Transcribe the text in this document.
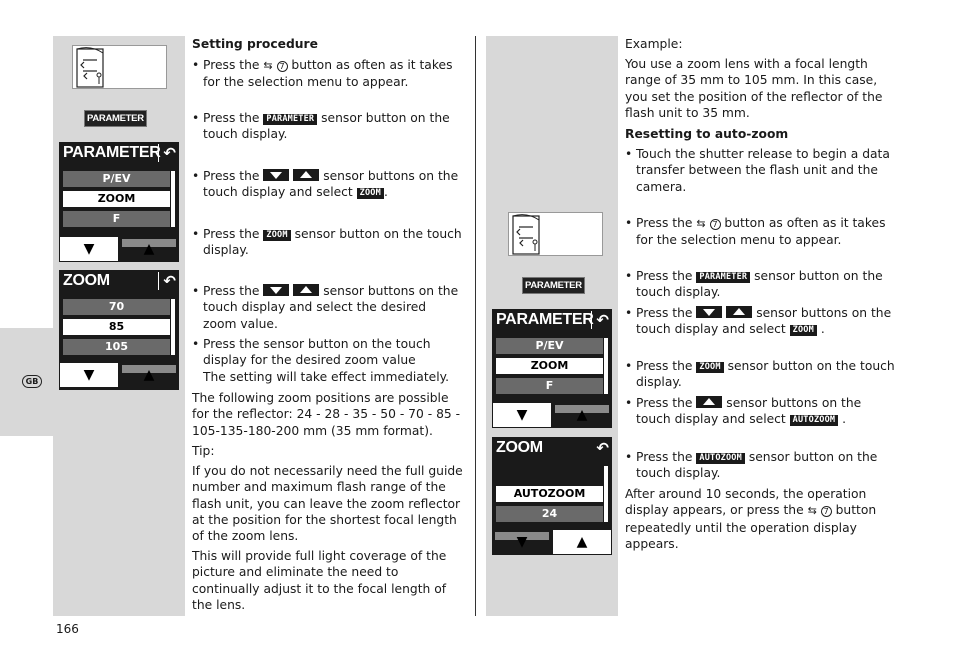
GB
166
PARAMETER
PARAMETER ↶
P/EV
ZOOM
F
▼	▲
ZOOM	↶
70
85
105
▼	▲
Setting procedure
• Press the ⇆ 7 button as often as it takes for the selection menu to appear.
• Press the PARAMETER sensor button on the touch display.
• Press the
	sensor buttons on the touch display and select ZOOM .
• Press the ZOOM sensor button on the touch display.
• Press the
	sensor buttons on the touch display and select the desired zoom value.
• Press the sensor button on the touch display for the desired zoom value
The setting will take effect immediately.
The following zoom positions are possible for the reflector: 24 - 28 - 35 - 50 - 70 - 85 - 105-135-180-200 mm (35 mm format).
Tip:
If you do not necessarily need the full guide number and maximum flash range of the flash unit, you can leave the zoom reflector at the position for the shortest focal length of the zoom lens.
This will provide full light coverage of the picture and eliminate the need to continually adjust it to the focal length of the lens.
PARAMETER
PARAMETER ↶
P/EV
ZOOM
F
▼	▲
ZOOM	↶
AUTOZOOM
24
▼	▲
Example:
You use a zoom lens with a focal length range of 35 mm to 105 mm. In this case, you set the position of the reflector of the flash unit to 35 mm.
Resetting to auto-zoom
• Touch the shutter release to begin a data transfer between the flash unit and the camera.
• Press the ⇆ 7 button as often as it takes for the selection menu to appear.
• Press the PARAMETER sensor button on the touch display.
• Press the
	sensor buttons on the touch display and select ZOOM .
• Press the ZOOM sensor button on the touch display.
• Press the
sensor buttons on the touch display and select AUTOZOOM .
• Press the AUTOZOOM sensor button on the touch display.
After around 10 seconds, the operation display appears, or press the ⇆ 7 button repeatedly until the operation display appears.
